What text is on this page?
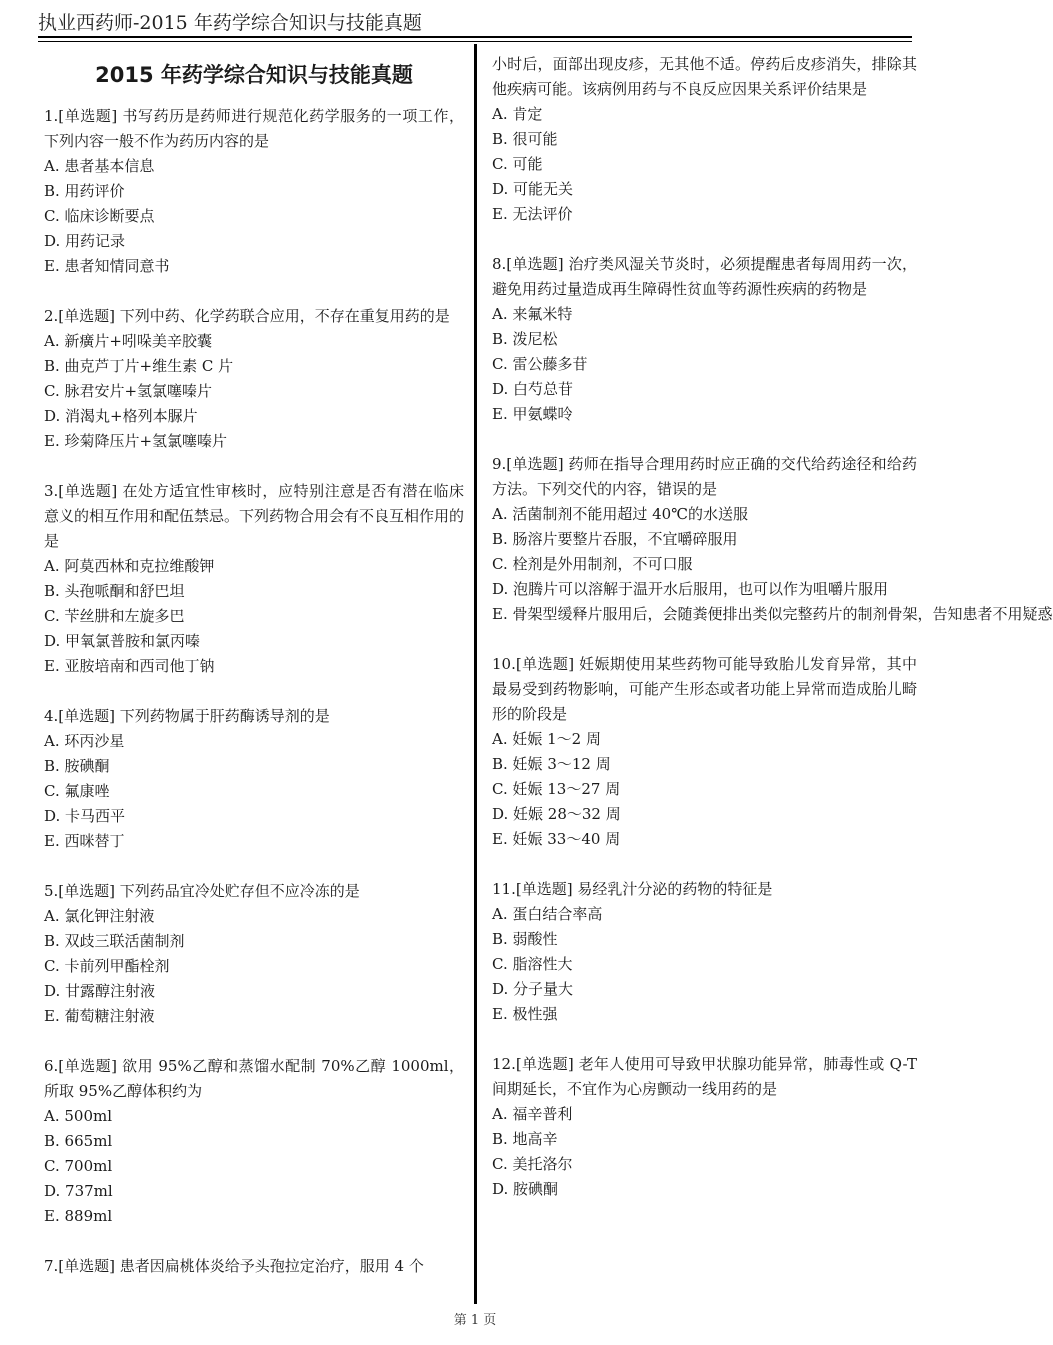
执业西药师-2015 年药学综合知识与技能真题
2015 年药学综合知识与技能真题

1.[单选题] 书写药历是药师进行规范化药学服务的一项工作，下列内容一般不作为药历内容的是

A. 患者基本信息
B. 用药评价
C. 临床诊断要点
D. 用药记录
E. 患者知情同意书

2.[单选题] 下列中药、化学药联合应用，不存在重复用药的是

A. 新癀片+吲哚美辛胶囊
B. 曲克芦丁片+维生素 C 片
C. 脉君安片+氢氯噻嗪片
D. 消渴丸+格列本脲片
E. 珍菊降压片+氢氯噻嗪片

3.[单选题] 在处方适宜性审核时，应特别注意是否有潜在临床意义的相互作用和配伍禁忌。下列药物合用会有不良互相作用的是

A. 阿莫西林和克拉维酸钾
B. 头孢哌酮和舒巴坦
C. 苄丝肼和左旋多巴
D. 甲氧氯普胺和氯丙嗪
E. 亚胺培南和西司他丁钠

4.[单选题] 下列药物属于肝药酶诱导剂的是

A. 环丙沙星
B. 胺碘酮
C. 氟康唑
D. 卡马西平
E. 西咪替丁

5.[单选题] 下列药品宜冷处贮存但不应冷冻的是

A. 氯化钾注射液
B. 双歧三联活菌制剂
C. 卡前列甲酯栓剂
D. 甘露醇注射液
E. 葡萄糖注射液

6.[单选题] 欲用 95%乙醇和蒸馏水配制 70%乙醇 1000ml，所取 95%乙醇体积约为

A. 500ml
B. 665ml
C. 700ml
D. 737ml
E. 889ml

7.[单选题] 患者因扁桃体炎给予头孢拉定治疗，服用 4 个

小时后，面部出现皮疹，无其他不适。停药后皮疹消失，排除其他疾病可能。该病例用药与不良反应因果关系评价结果是

A. 肯定
B. 很可能
C. 可能
D. 可能无关
E. 无法评价

8.[单选题] 治疗类风湿关节炎时，必须提醒患者每周用药一次，避免用药过量造成再生障碍性贫血等药源性疾病的药物是

A. 来氟米特
B. 泼尼松
C. 雷公藤多苷
D. 白芍总苷
E. 甲氨蝶呤

9.[单选题] 药师在指导合理用药时应正确的交代给药途径和给药方法。下列交代的内容，错误的是

A. 活菌制剂不能用超过 40℃的水送服
B. 肠溶片要整片吞服，不宜嚼碎服用
C. 栓剂是外用制剂，不可口服
D. 泡腾片可以溶解于温开水后服用，也可以作为咀嚼片服用
E. 骨架型缓释片服用后，会随粪便排出类似完整药片的制剂骨架，告知患者不用疑惑

10.[单选题] 妊娠期使用某些药物可能导致胎儿发育异常，其中最易受到药物影响，可能产生形态或者功能上异常而造成胎儿畸形的阶段是

A. 妊娠 1～2 周
B. 妊娠 3～12 周
C. 妊娠 13～27 周
D. 妊娠 28～32 周
E. 妊娠 33～40 周

11.[单选题] 易经乳汁分泌的药物的特征是

A. 蛋白结合率高
B. 弱酸性
C. 脂溶性大
D. 分子量大
E. 极性强

12.[单选题] 老年人使用可导致甲状腺功能异常，肺毒性或 Q-T 间期延长，不宜作为心房颤动一线用药的是

A. 福辛普利
B. 地高辛
C. 美托洛尔
D. 胺碘酮
第 1 页
